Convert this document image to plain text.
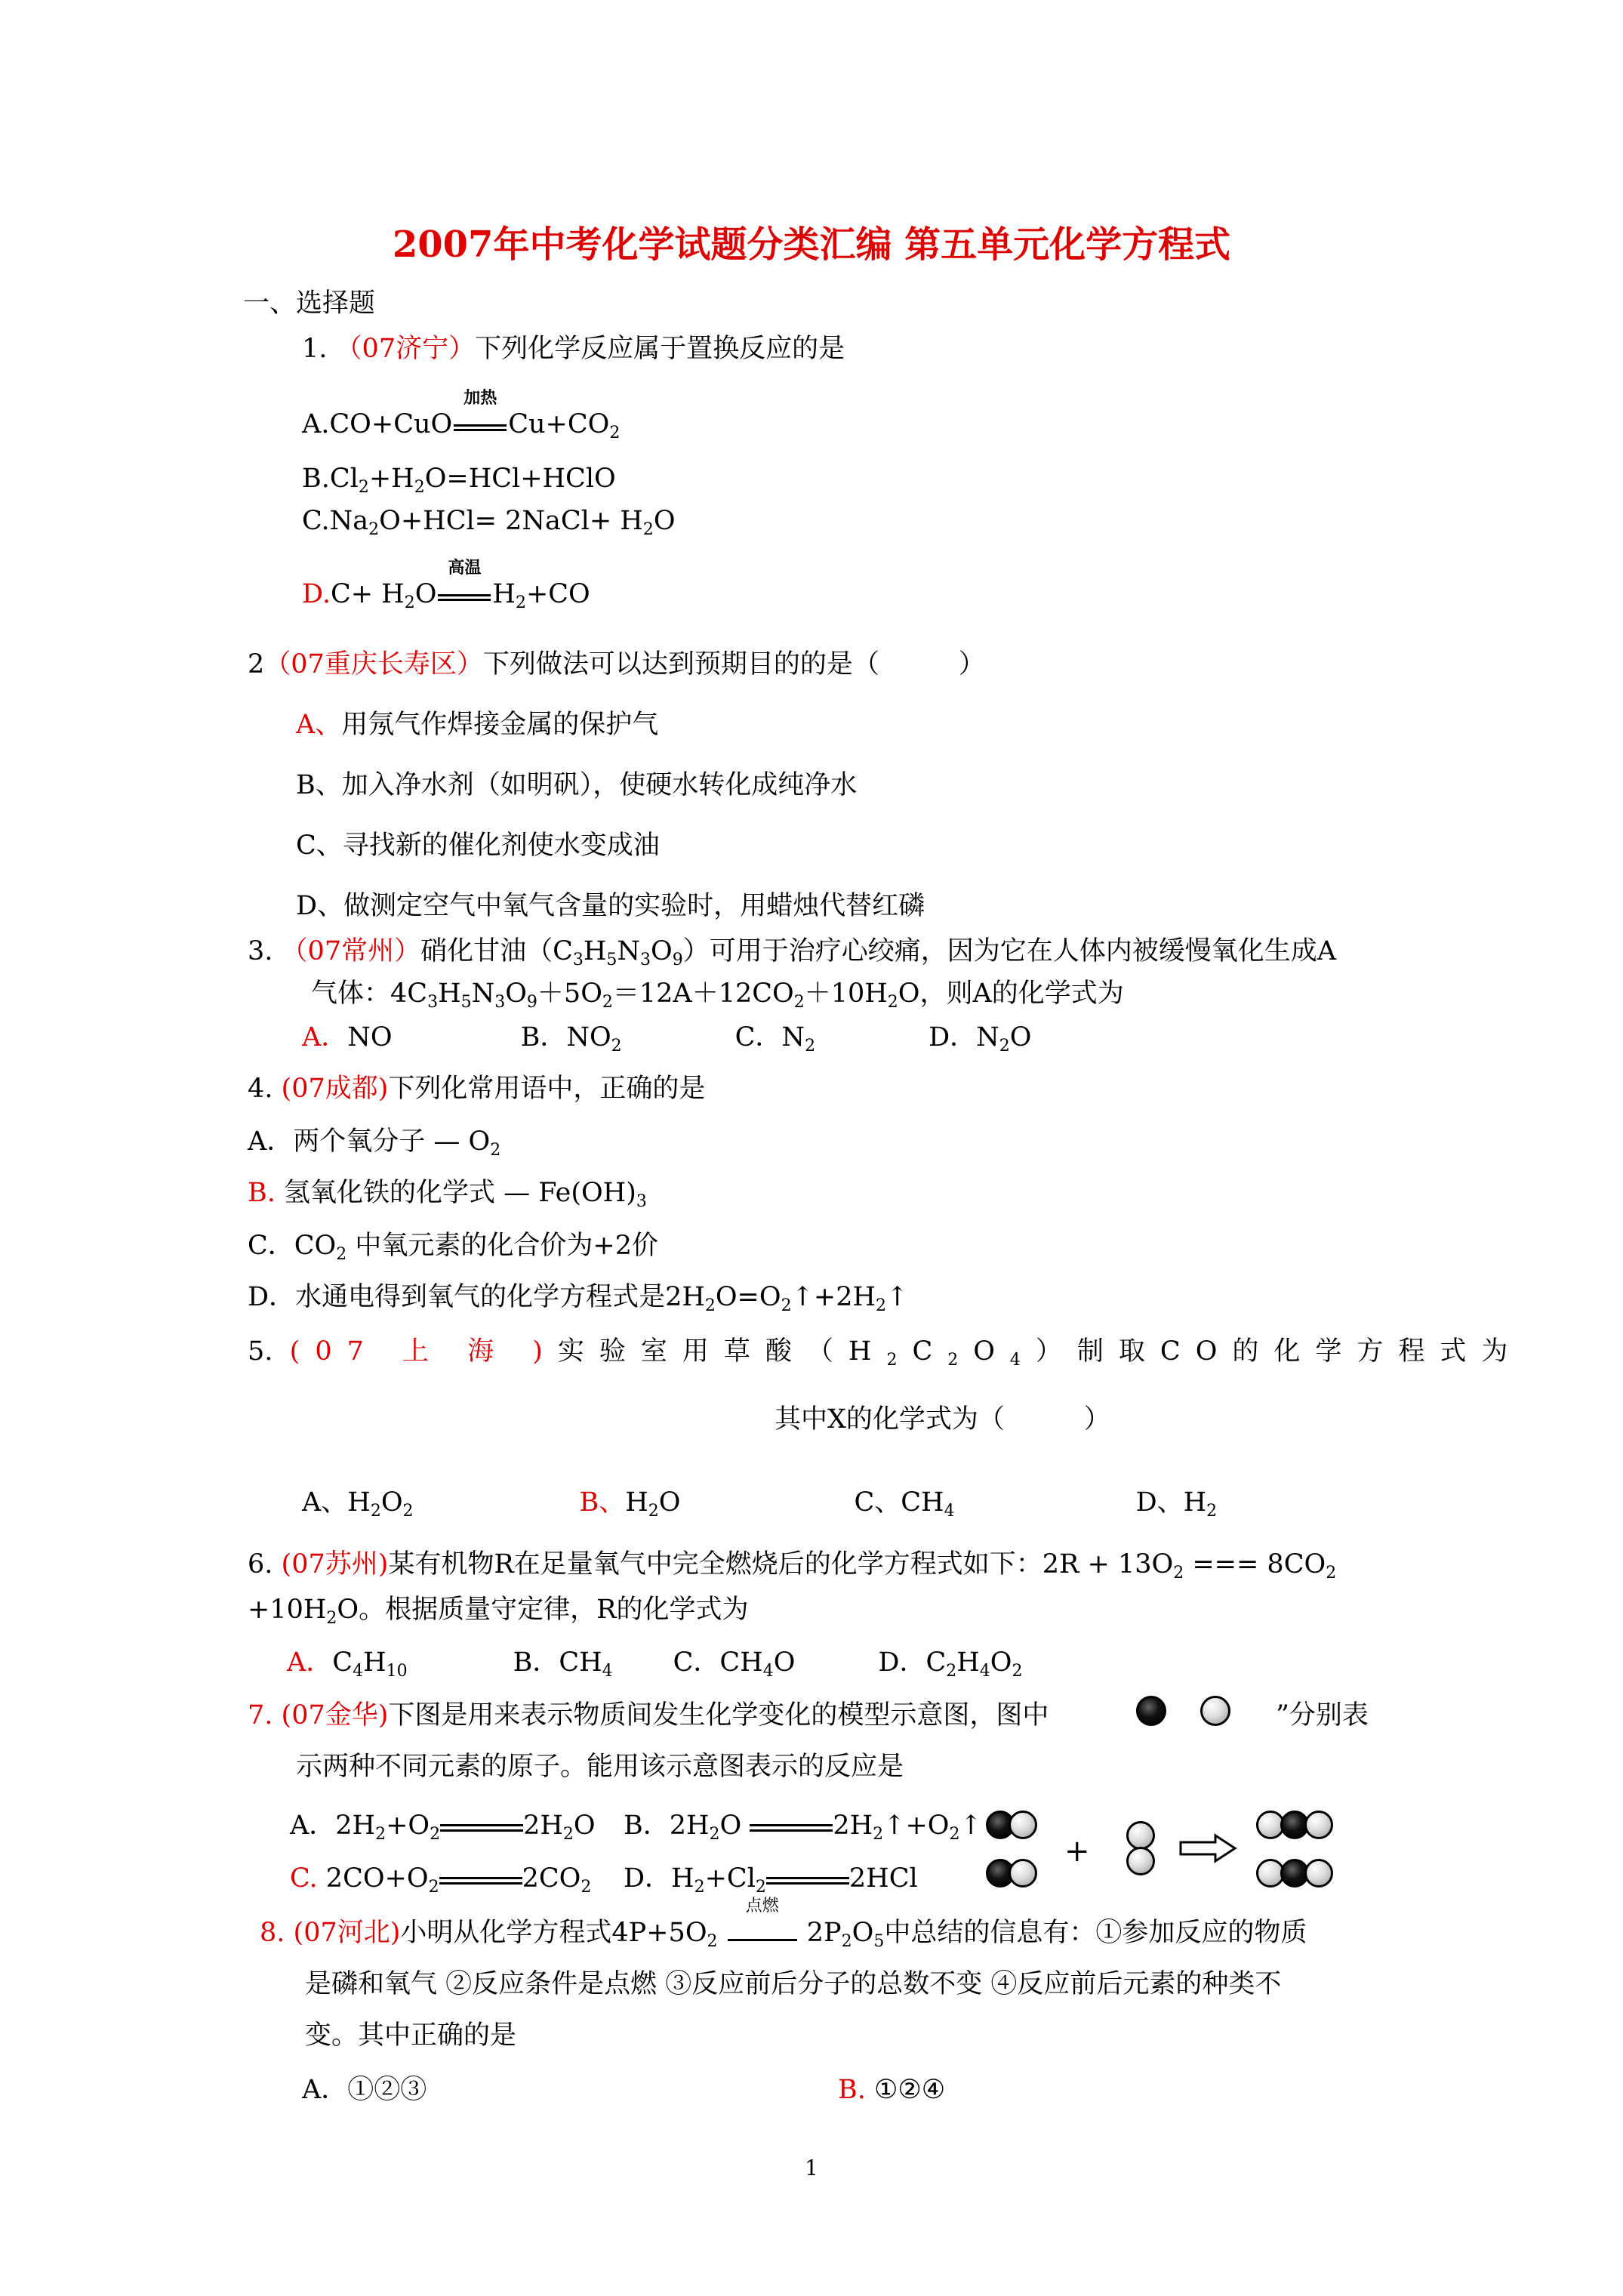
2007年中考化学试题分类汇编 第五单元化学方程式
一、选择题
1. （07济宁）下列化学反应属于置换反应的是
A.CO+CuO
加热
$Cu+CO_2$
$B.Cl_2+H_2O=HCl+HClO$
$C.Na_2O+HCl=$ 2NaCl+ $H_2O$
$D.C+ H_2O$
高温
$H_2+CO$
2（07重庆长寿区）下列做法可以达到预期目的的是（　　　）
A、用氖气作焊接金属的保护气
B、加入净水剂（如明矾），使硬水转化成纯净水
C、寻找新的催化剂使水变成油
D、做测定空气中氧气含量的实验时，用蜡烛代替红磷
3. （07常州）硝化甘油$(C_3H_5N_3O_9)$可用于治疗心绞痛，因为它在人体内被缓慢氧化生成A
气体：$4C_3H_5N_3O_9+5O_2=12A+12CO_2+10H_2O$，则A的化学式为
A．NO	B．$NO_2$	C．$N_2$	D．$N_2O$
4. (07成都)下列化常用语中，正确的是
A．两个氧分子 — $O_2$
B. 氢氧化铁的化学式 — $Fe(OH)_3$
C．$CO_2$ 中氧元素的化合价为+2价
D．水通电得到氧气的化学方程式是$2H_2O=O_2↑+2H_2↑$
5. (07 上 海 )实验室用草酸$(H_2C_2O_4)$制取CO的化学方程式为
其中X的化学式为（　　　）
A、$H_2O_2$	B、$H_2O$	C、$CH_4$	D、$H_2$
6. (07苏州)某有机物R在足量氧气中完全燃烧后的化学方程式如下：$2R + 13O_2$ === $8CO_2$
$+10H_2O$。根据质量守定律，R的化学式为
A．$C_4H_{10}$	B．$CH_4$ C．$CH_4O$	D．$C_2H_4O_2$
7. (07金华)下图是用来表示物质间发生化学变化的模型示意图，图中	”分别表
示两种不同元素的原子。能用该示意图表示的反应是
A．$2H_2+O_2$	$2H_2O$ B．$2H_2O$	$2H_2↑+O_2↑$
C. $2CO+O_2$	$2CO_2$ D．$H_2+Cl_2$	2HCl
+
8. (07河北)小明从化学方程式$4P+5O_2$
点燃
$2P_2O_5$中总结的信息有：①参加反应的物质
是磷和氧气 ②反应条件是点燃 ③反应前后分子的总数不变 ④反应前后元素的种类不
变。其中正确的是
A．①②③	B. ①②④
1
